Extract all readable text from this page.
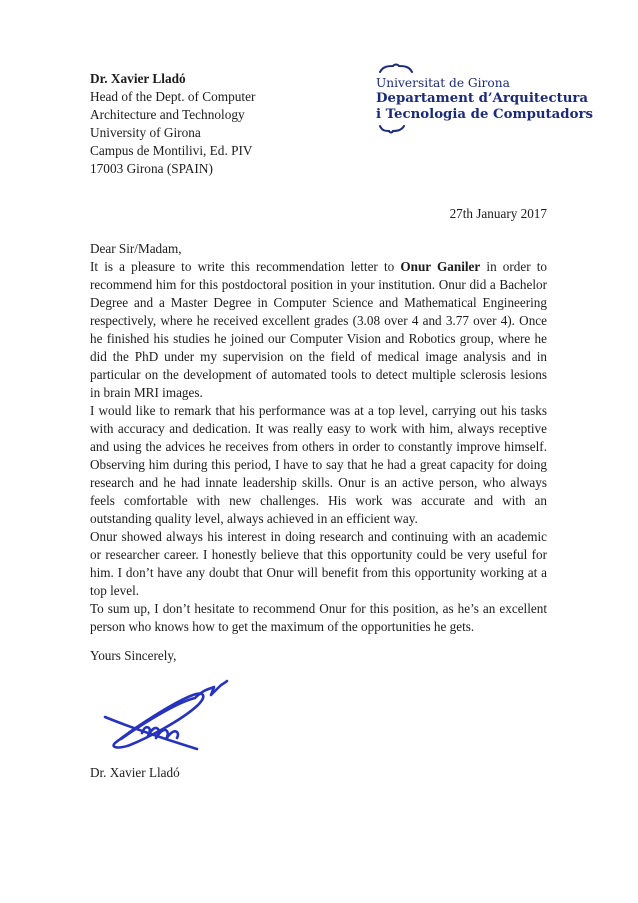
Dr. Xavier Lladó
Head of the Dept. of Computer
Architecture and Technology
University of Girona
Campus de Montilivi, Ed. PIV
17003 Girona (SPAIN)
Universitat de Girona
Departament d’Arquitectura
i Tecnologia de Computadors

27th January 2017

Dear Sir/Madam,

It is a pleasure to write this recommendation letter to Onur Ganiler in order to recommend him for this postdoctoral position in your institution. Onur did a Bachelor Degree and a Master Degree in Computer Science and Mathematical Engineering respectively, where he received excellent grades (3.08 over 4 and 3.77 over 4). Once he finished his studies he joined our Computer Vision and Robotics group, where he did the PhD under my supervision on the field of medical image analysis and in particular on the development of automated tools to detect multiple sclerosis lesions in brain MRI images.

I would like to remark that his performance was at a top level, carrying out his tasks with accuracy and dedication. It was really easy to work with him, always receptive and using the advices he receives from others in order to constantly improve himself. Observing him during this period, I have to say that he had a great capacity for doing research and he had innate leadership skills. Onur is an active person, who always feels comfortable with new challenges. His work was accurate and with an outstanding quality level, always achieved in an efficient way.

Onur showed always his interest in doing research and continuing with an academic or researcher career. I honestly believe that this opportunity could be very useful for him. I don’t have any doubt that Onur will benefit from this opportunity working at a top level.

To sum up, I don’t hesitate to recommend Onur for this position, as he’s an excellent person who knows how to get the maximum of the opportunities he gets.

Yours Sincerely,

Dr. Xavier Lladó
